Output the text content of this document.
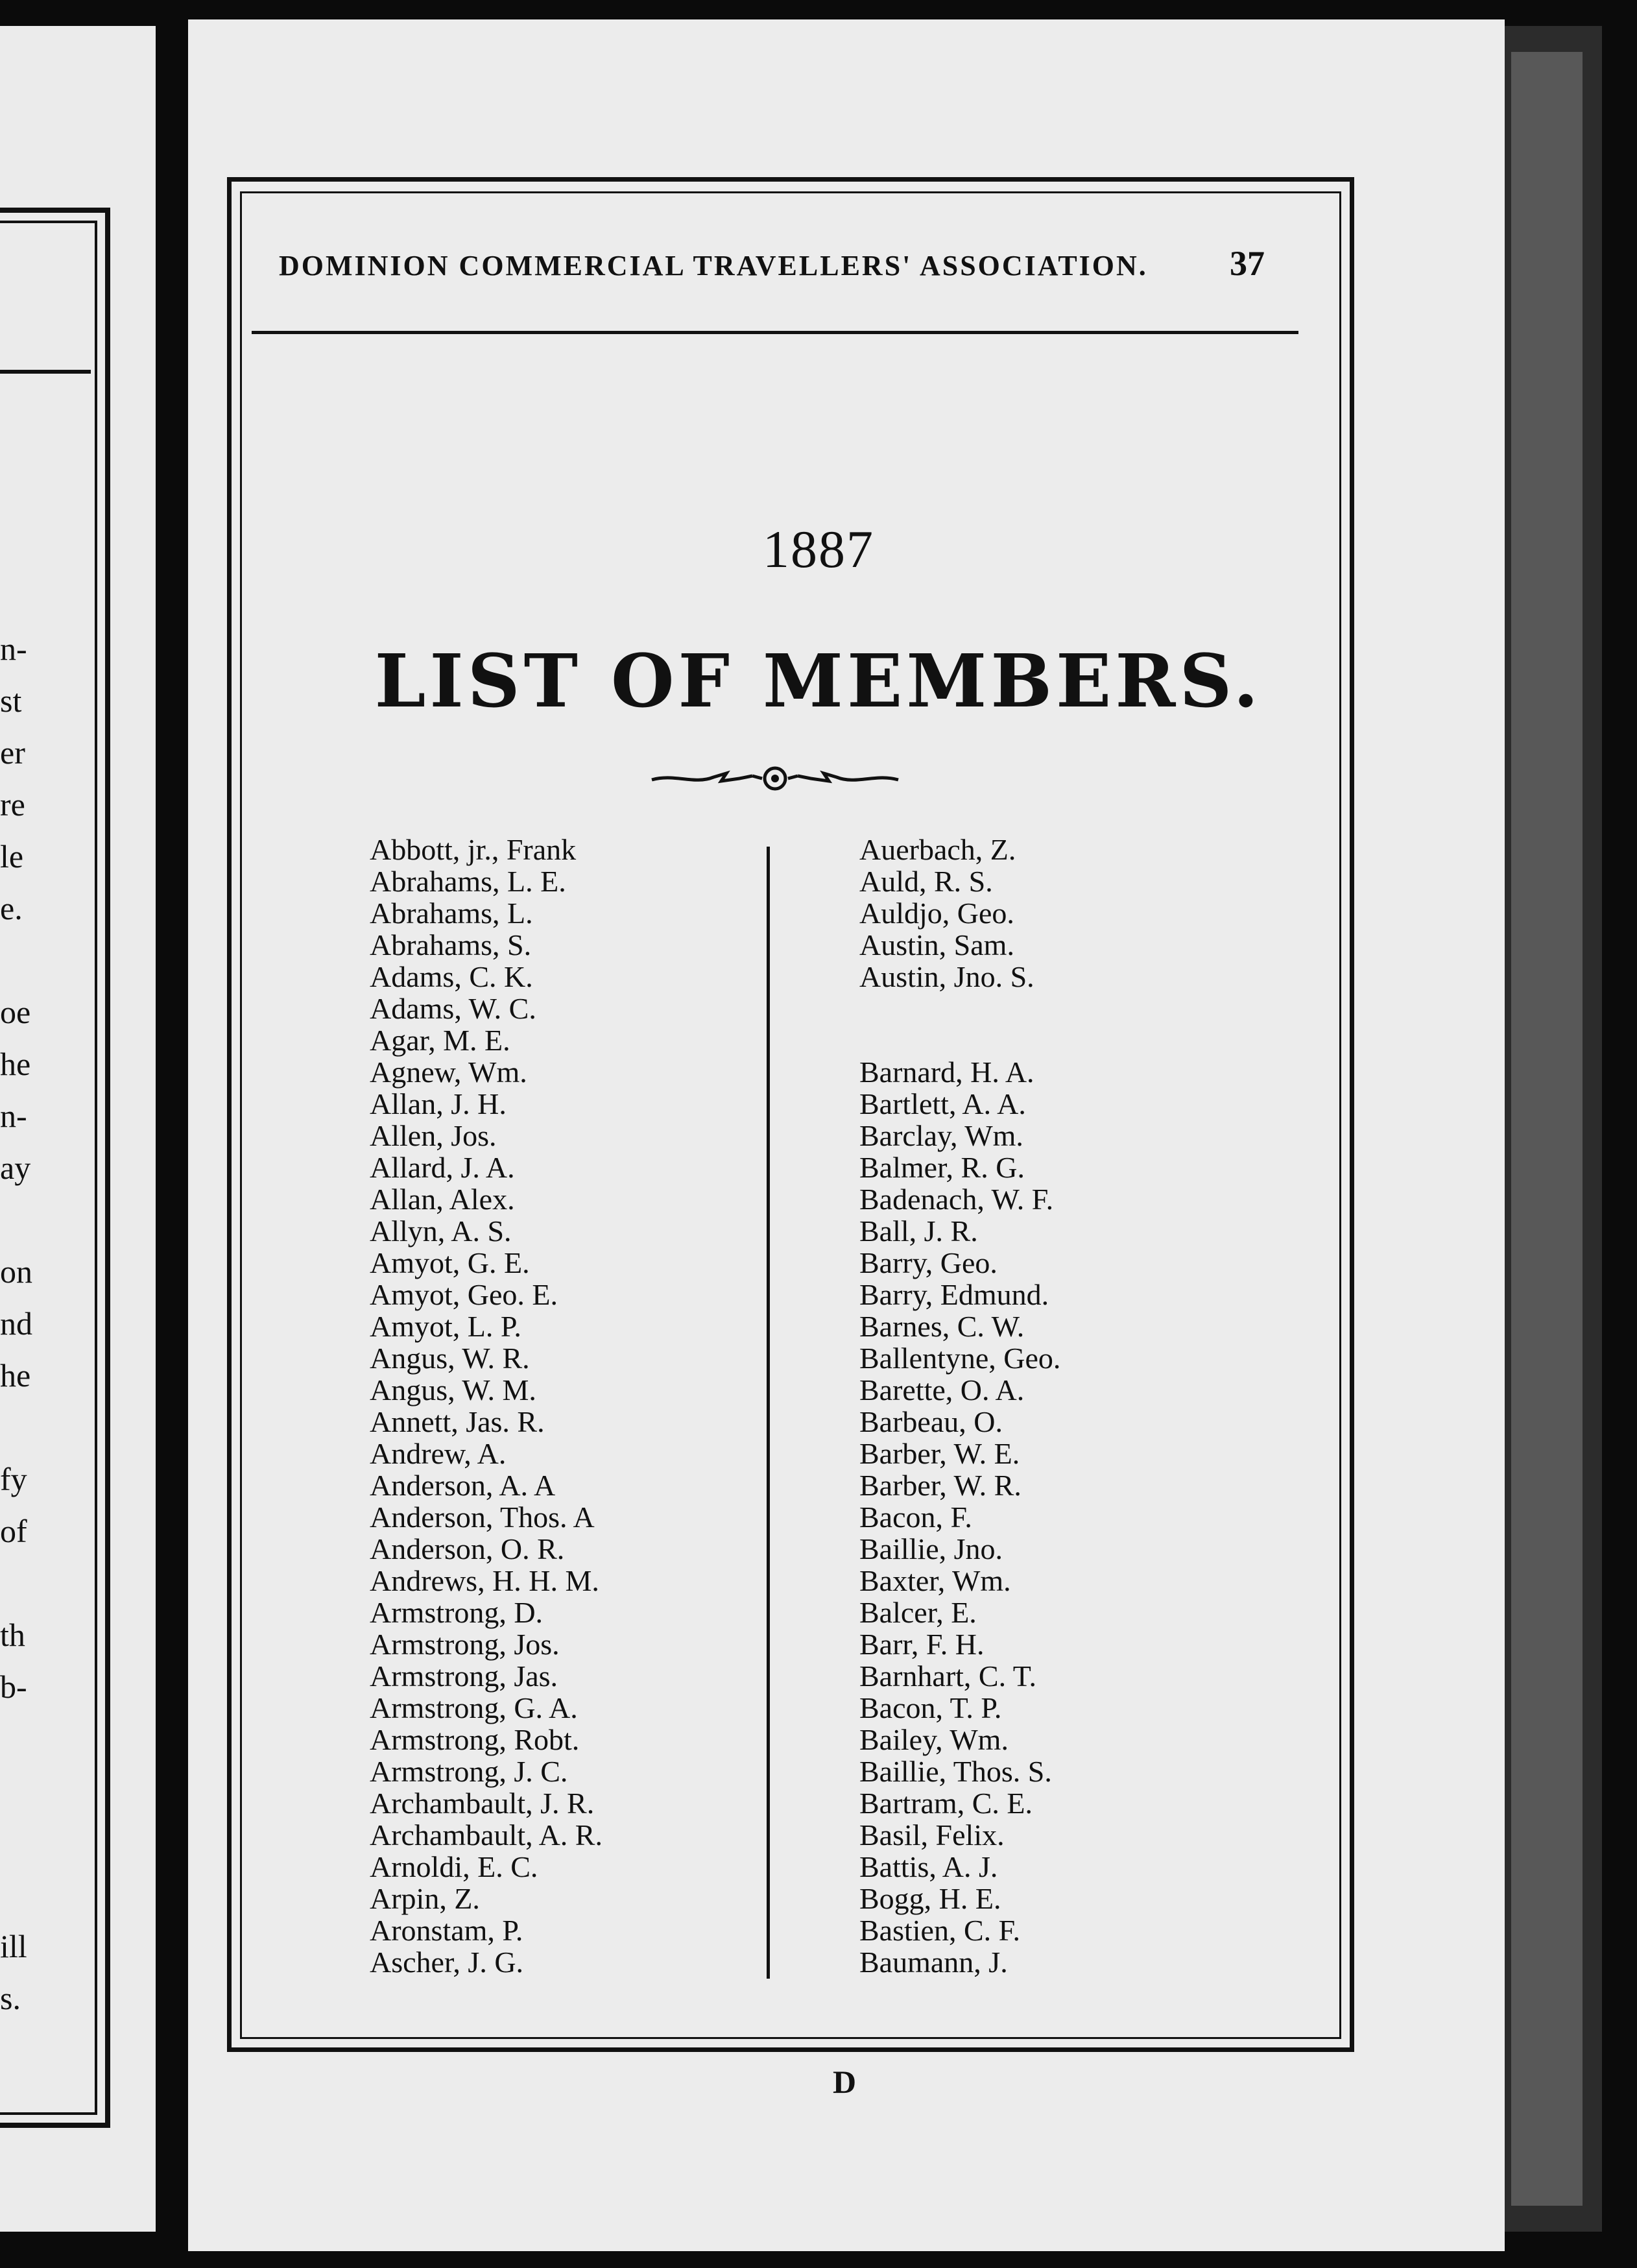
n-
st
er
re
le
e.
oe
he
n-
ay
on
nd
he
fy
of
th
b-
ill
s.
DOMINION COMMERCIAL TRAVELLERS' ASSOCIATION. 37
1887
LIST OF MEMBERS.
Abbott, jr., Frank
Abrahams, L. E.
Abrahams, L.
Abrahams, S.
Adams, C. K.
Adams, W. C.
Agar, M. E.
Agnew, Wm.
Allan, J. H.
Allen, Jos.
Allard, J. A.
Allan, Alex.
Allyn, A. S.
Amyot, G. E.
Amyot, Geo. E.
Amyot, L. P.
Angus, W. R.
Angus, W. M.
Annett, Jas. R.
Andrew, A.
Anderson, A. A
Anderson, Thos. A
Anderson, O. R.
Andrews, H. H. M.
Armstrong, D.
Armstrong, Jos.
Armstrong, Jas.
Armstrong, G. A.
Armstrong, Robt.
Armstrong, J. C.
Archambault, J. R.
Archambault, A. R.
Arnoldi, E. C.
Arpin, Z.
Aronstam, P.
Ascher, J. G.
Auerbach, Z.
Auld, R. S.
Auldjo, Geo.
Austin, Sam.
Austin, Jno. S.
Barnard, H. A.
Bartlett, A. A.
Barclay, Wm.
Balmer, R. G.
Badenach, W. F.
Ball, J. R.
Barry, Geo.
Barry, Edmund.
Barnes, C. W.
Ballentyne, Geo.
Barette, O. A.
Barbeau, O.
Barber, W. E.
Barber, W. R.
Bacon, F.
Baillie, Jno.
Baxter, Wm.
Balcer, E.
Barr, F. H.
Barnhart, C. T.
Bacon, T. P.
Bailey, Wm.
Baillie, Thos. S.
Bartram, C. E.
Basil, Felix.
Battis, A. J.
Bogg, H. E.
Bastien, C. F.
Baumann, J.
D
